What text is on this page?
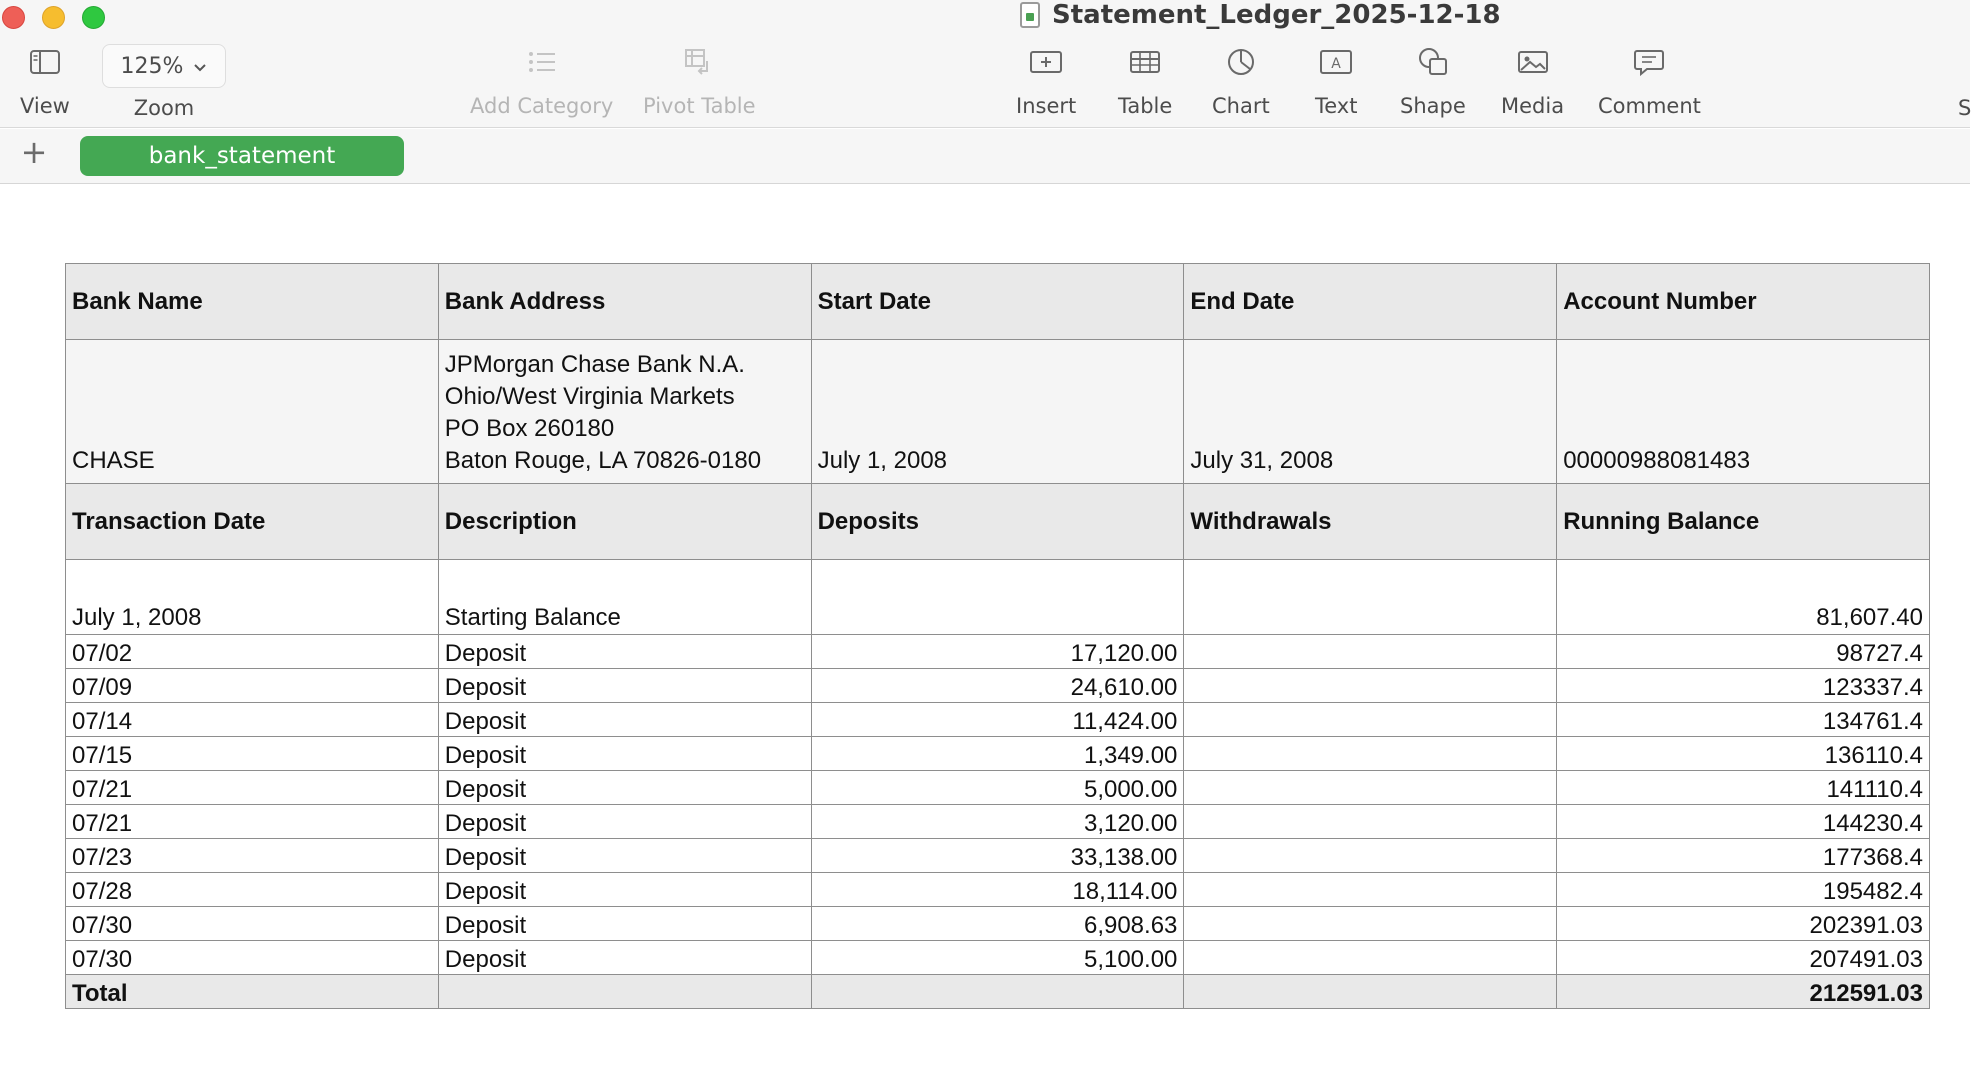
Statement_Ledger_2025-12-18
View
125%
Zoom	Add Category Pivot Table	Insert Table Chart
A
Text Shape Media Comment	S
+	bank_statement
Bank Name	Bank Address	Start Date	End Date	Account Number
CHASE	JPMorgan Chase Bank N.A.
Ohio/West Virginia Markets
PO Box 260180
Baton Rouge, LA 70826-0180	July 1, 2008	July 31, 2008	00000988081483
Transaction Date	Description	Deposits	Withdrawals	Running Balance
July 1, 2008	Starting Balance			81,607.40
07/02	Deposit	17,120.00		98727.4
07/09	Deposit	24,610.00		123337.4
07/14	Deposit	11,424.00		134761.4
07/15	Deposit	1,349.00		136110.4
07/21	Deposit	5,000.00		141110.4
07/21	Deposit	3,120.00		144230.4
07/23	Deposit	33,138.00		177368.4
07/28	Deposit	18,114.00		195482.4
07/30	Deposit	6,908.63		202391.03
07/30	Deposit	5,100.00		207491.03
Total				212591.03
